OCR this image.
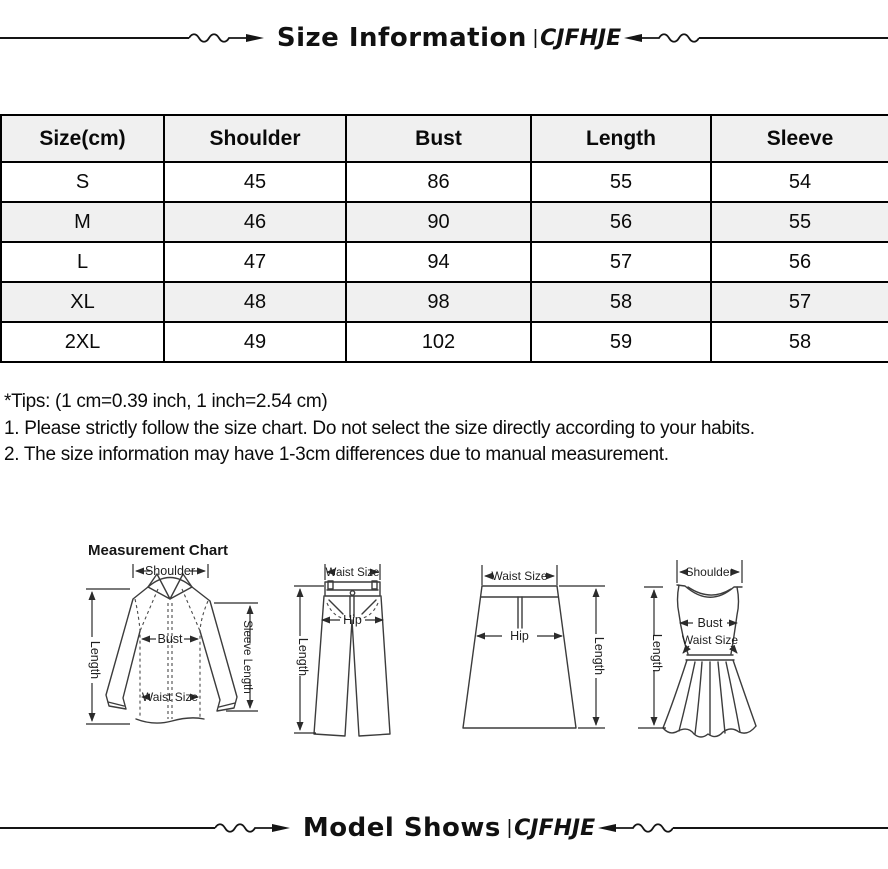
Size Information | CJFHJE
Size(cm)	Shoulder	Bust	Length	Sleeve
S	45	86	55	54
M	46	90	56	55
L	47	94	57	56
XL	48	98	58	57
2XL	49	102	59	58
*Tips: (1 cm=0.39 inch, 1 inch=2.54 cm)
1. Please strictly follow the size chart. Do not select the size directly according to your habits.
2. The size information may have 1-3cm differences due to manual measurement.
Measurement Chart
Shoulder
Length	Sleeve Length
Bust
Waist Size
Waist Size
Hip
Length
Waist Size
Hip
Length
Shoulder
Bust
Waist Size
Length
Model Shows | CJFHJE
